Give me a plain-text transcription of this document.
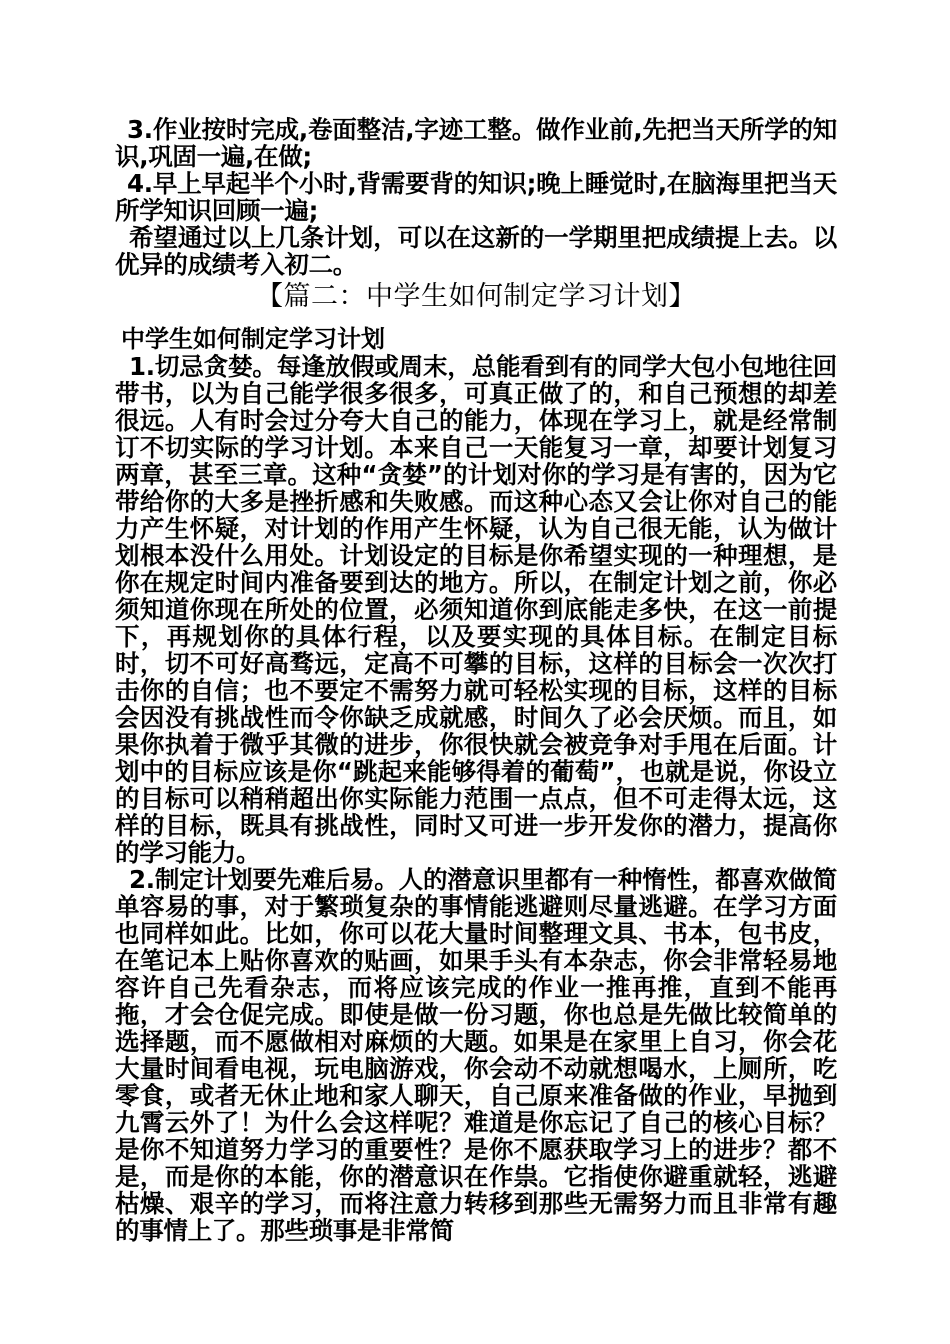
3.作业按时完成,卷面整洁,字迹工整。做作业前,先把当天所学的知识,巩固一遍,在做;

4.早上早起半个小时,背需要背的知识;晚上睡觉时,在脑海里把当天所学知识回顾一遍;

希望通过以上几条计划，可以在这新的一学期里把成绩提上去。以优异的成绩考入初二。

【篇二：中学生如何制定学习计划】

中学生如何制定学习计划

1.切忌贪婪。每逢放假或周末，总能看到有的同学大包小包地往回带书，以为自己能学很多很多，可真正做了的，和自己预想的却差很远。人有时会过分夸大自己的能力，体现在学习上，就是经常制订不切实际的学习计划。本来自己一天能复习一章，却要计划复习两章，甚至三章。这种“贪婪”的计划对你的学习是有害的，因为它带给你的大多是挫折感和失败感。而这种心态又会让你对自己的能力产生怀疑，对计划的作用产生怀疑，认为自己很无能，认为做计划根本没什么用处。计划设定的目标是你希望实现的一种理想，是你在规定时间内准备要到达的地方。所以，在制定计划之前，你必须知道你现在所处的位置，必须知道你到底能走多快，在这一前提下，再规划你的具体行程，以及要实现的具体目标。在制定目标时，切不可好高骛远，定高不可攀的目标，这样的目标会一次次打击你的自信；也不要定不需努力就可轻松实现的目标，这样的目标会因没有挑战性而令你缺乏成就感，时间久了必会厌烦。而且，如果你执着于微乎其微的进步，你很快就会被竞争对手甩在后面。计划中的目标应该是你“跳起来能够得着的葡萄”，也就是说，你设立的目标可以稍稍超出你实际能力范围一点点，但不可走得太远，这样的目标，既具有挑战性，同时又可进一步开发你的潜力，提高你的学习能力。

2.制定计划要先难后易。人的潜意识里都有一种惰性，都喜欢做简单容易的事，对于繁琐复杂的事情能逃避则尽量逃避。在学习方面也同样如此。比如，你可以花大量时间整理文具、书本，包书皮，在笔记本上贴你喜欢的贴画，如果手头有本杂志，你会非常轻易地容许自己先看杂志，而将应该完成的作业一推再推，直到不能再拖，才会仓促完成。即使是做一份习题，你也总是先做比较简单的选择题，而不愿做相对麻烦的大题。如果是在家里上自习，你会花大量时间看电视，玩电脑游戏，你会动不动就想喝水，上厕所，吃零食，或者无休止地和家人聊天，自己原来准备做的作业，早抛到九霄云外了！为什么会这样呢？难道是你忘记了自己的核心目标？是你不知道努力学习的重要性？是你不愿获取学习上的进步？都不是，而是你的本能，你的潜意识在作祟。它指使你避重就轻，逃避枯燥、艰辛的学习，而将注意力转移到那些无需努力而且非常有趣的事情上了。那些琐事是非常简
